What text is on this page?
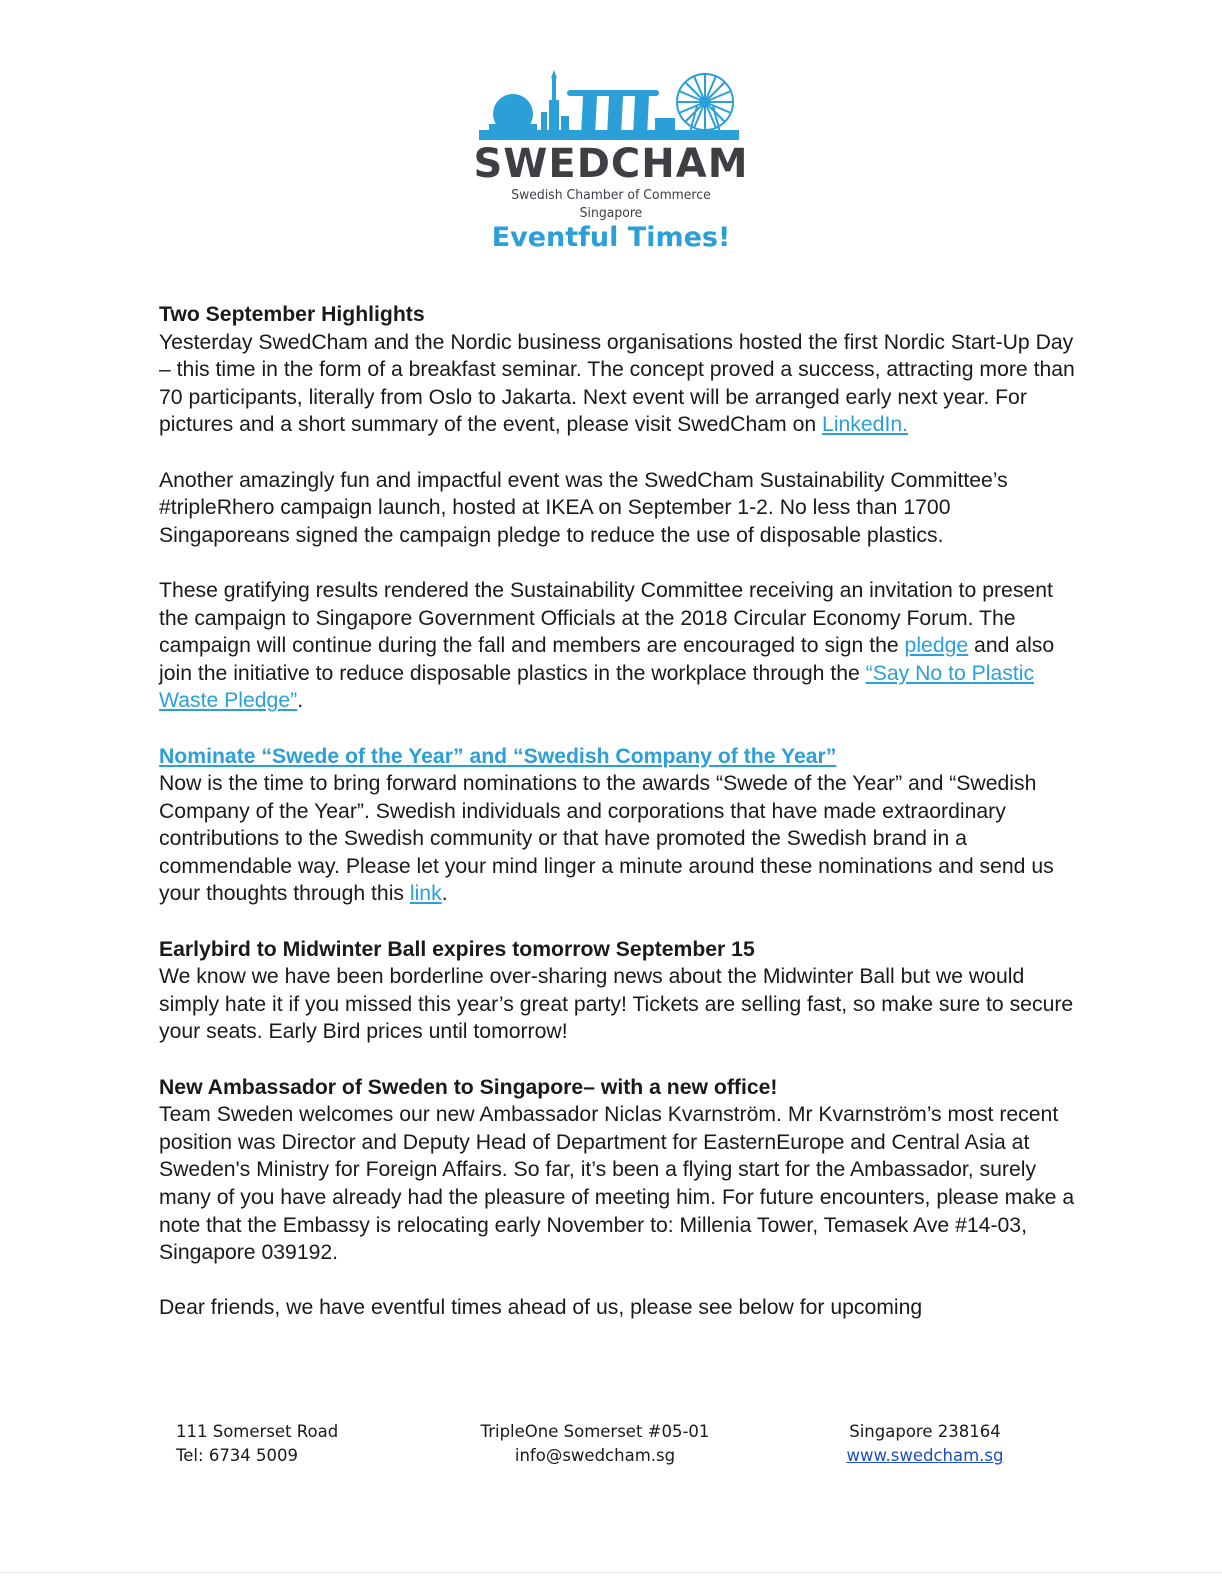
SWEDCHAM
Swedish Chamber of Commerce Singapore
Eventful Times!

Two September Highlights

Yesterday SwedCham and the Nordic business organisations hosted the first Nordic Start-Up Day – this time in the form of a breakfast seminar. The concept proved a success, attracting more than 70 participants, literally from Oslo to Jakarta. Next event will be arranged early next year. For pictures and a short summary of the event, please visit SwedCham on LinkedIn.

Another amazingly fun and impactful event was the SwedCham Sustainability Committee’s #tripleRhero campaign launch, hosted at IKEA on September 1-2. No less than 1700 Singaporeans signed the campaign pledge to reduce the use of disposable plastics.

These gratifying results rendered the Sustainability Committee receiving an invitation to present the campaign to Singapore Government Officials at the 2018 Circular Economy Forum. The campaign will continue during the fall and members are encouraged to sign the pledge and also join the initiative to reduce disposable plastics in the workplace through the “Say No to Plastic Waste Pledge”.

Nominate “Swede of the Year” and “Swedish Company of the Year”

Now is the time to bring forward nominations to the awards “Swede of the Year” and “Swedish Company of the Year”. Swedish individuals and corporations that have made extraordinary contributions to the Swedish community or that have promoted the Swedish brand in a commendable way. Please let your mind linger a minute around these nominations and send us your thoughts through this link.

Earlybird to Midwinter Ball expires tomorrow September 15

We know we have been borderline over-sharing news about the Midwinter Ball but we would simply hate it if you missed this year’s great party! Tickets are selling fast, so make sure to secure your seats. Early Bird prices until tomorrow!

New Ambassador of Sweden to Singapore– with a new office!

Team Sweden welcomes our new Ambassador Niclas Kvarnström. Mr Kvarnström’s most recent position was Director and Deputy Head of Department for EasternEurope and Central Asia at Sweden's Ministry for Foreign Affairs. So far, it’s been a flying start for the Ambassador, surely many of you have already had the pleasure of meeting him. For future encounters, please make a note that the Embassy is relocating early November to: Millenia Tower, Temasek Ave #14-03, Singapore 039192.

Dear friends, we have eventful times ahead of us, please see below for upcoming

111 Somerset Road
Tel: 6734 5009
TripleOne Somerset #05-01
info@swedcham.sg
Singapore 238164
www.swedcham.sg
